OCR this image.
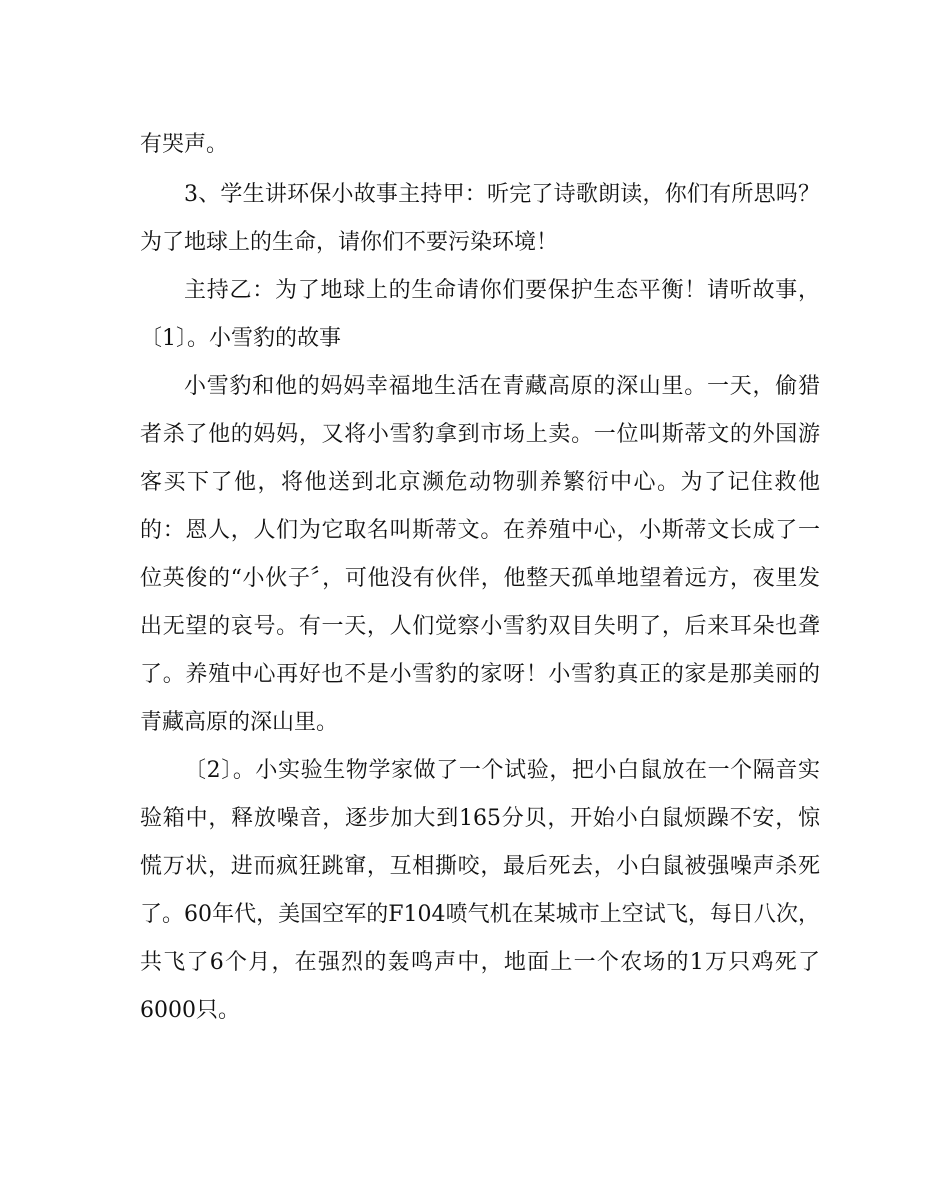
有哭声。
3、学生讲环保小故事主持甲：听完了诗歌朗读，你们有所思吗？
为了地球上的生命，请你们不要污染环境！
主持乙：为了地球上的生命请你们要保护生态平衡！请听故事，
〔1〕。小雪豹的故事
小雪豹和他的妈妈幸福地生活在青藏高原的深山里。一天，偷猎
者杀了他的妈妈，又将小雪豹拿到市场上卖。一位叫斯蒂文的外国游
客买下了他，将他送到北京濒危动物驯养繁衍中心。为了记住救他
的：恩人，人们为它取名叫斯蒂文。在养殖中心，小斯蒂文长成了一
位英俊的“小伙子〞，可他没有伙伴，他整天孤单地望着远方，夜里发
出无望的哀号。有一天，人们觉察小雪豹双目失明了，后来耳朵也聋
了。养殖中心再好也不是小雪豹的家呀！小雪豹真正的家是那美丽的
青藏高原的深山里。
〔2〕。小实验生物学家做了一个试验，把小白鼠放在一个隔音实
验箱中，释放噪音，逐步加大到165分贝，开始小白鼠烦躁不安，惊
慌万状，进而疯狂跳窜，互相撕咬，最后死去，小白鼠被强噪声杀死
了。60年代，美国空军的F104喷气机在某城市上空试飞，每日八次，
共飞了6个月，在强烈的轰鸣声中，地面上一个农场的1万只鸡死了
6000只。
